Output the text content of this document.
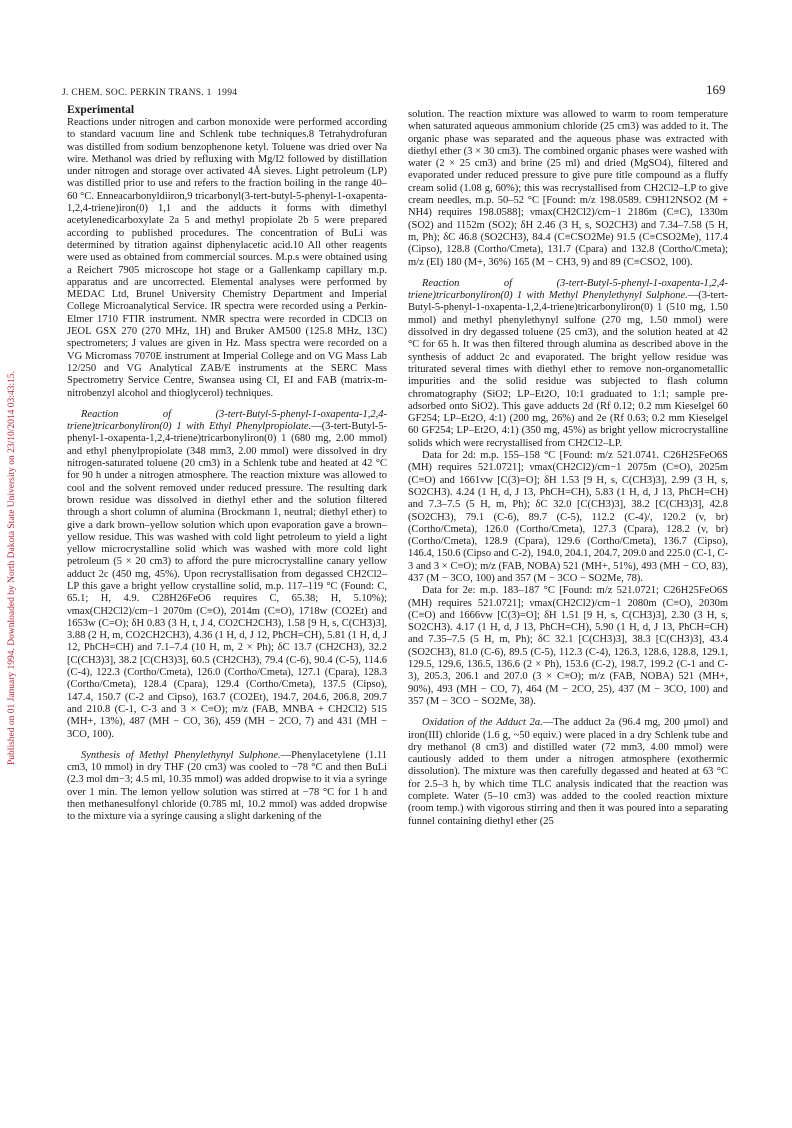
Published on 01 January 1994. Downloaded by North Dakota State University on 23/10/2014 03:43:15.
J. CHEM. SOC. PERKIN TRANS. 1 1994	169
Experimental

Reactions under nitrogen and carbon monoxide were performed according to standard vacuum line and Schlenk tube techniques.8 Tetrahydrofuran was distilled from sodium benzophenone ketyl. Toluene was dried over Na wire. Methanol was dried by refluxing with Mg/I2 followed by distillation under nitrogen and storage over activated 4Å sieves. Light petroleum (LP) was distilled prior to use and refers to the fraction boiling in the range 40–60 °C. Enneacarbonyldiiron,9 tricarbonyl(3-tert-butyl-5-phenyl-1-oxapenta-1,2,4-triene)iron(0) 1,1 and the adducts it forms with dimethyl acetylenedicarboxylate 2a 5 and methyl propiolate 2b 5 were prepared according to published procedures. The concentration of BuLi was determined by titration against diphenylacetic acid.10 All other reagents were used as obtained from commercial sources. M.p.s were obtained using a Reichert 7905 microscope hot stage or a Gallenkamp capillary m.p. apparatus and are uncorrected. Elemental analyses were performed by MEDAC Ltd, Brunel University Chemistry Department and Imperial College Microanalytical Service. IR spectra were recorded using a Perkin-Elmer 1710 FTIR instrument. NMR spectra were recorded in CDCl3 on JEOL GSX 270 (270 MHz, 1H) and Bruker AM500 (125.8 MHz, 13C) spectrometers; J values are given in Hz. Mass spectra were recorded on a VG Micromass 7070E instrument at Imperial College and on VG Mass Lab 12/250 and VG Analytical ZAB/E instruments at the SERC Mass Spectrometry Service Centre, Swansea using CI, EI and FAB (matrix-m-nitrobenzyl alcohol and thioglycerol) techniques.

Reaction of (3-tert-Butyl-5-phenyl-1-oxapenta-1,2,4-triene)tricarbonyliron(0) 1 with Ethyl Phenylpropiolate.—(3-tert-Butyl-5-phenyl-1-oxapenta-1,2,4-triene)tricarbonyliron(0) 1 (680 mg, 2.00 mmol) and ethyl phenylpropiolate (348 mm3, 2.00 mmol) were dissolved in dry nitrogen-saturated toluene (20 cm3) in a Schlenk tube and heated at 42 °C for 90 h under a nitrogen atmosphere. The reaction mixture was allowed to cool and the solvent removed under reduced pressure. The resulting dark brown residue was dissolved in diethyl ether and the solution filtered through a short column of alumina (Brockmann 1, neutral; diethyl ether) to give a dark brown–yellow solution which upon evaporation gave a brown–yellow residue. This was washed with cold light petroleum to yield a light yellow microcrystalline solid which was washed with more cold light petroleum (5 × 20 cm3) to afford the pure microcrystalline canary yellow adduct 2c (450 mg, 45%). Upon recrystallisation from degassed CH2Cl2–LP this gave a bright yellow crystalline solid, m.p. 117–119 °C (Found: C, 65.1; H, 4.9. C28H26FeO6 requires C, 65.38; H, 5.10%); νmax(CH2Cl2)/cm−1 2070m (C≡O), 2014m (C≡O), 1718w (CO2Et) and 1653w (C=O); δH 0.83 (3 H, t, J 4, CO2CH2CH3), 1.58 [9 H, s, C(CH3)3], 3.88 (2 H, m, CO2CH2CH3), 4.36 (1 H, d, J 12, PhCH=CH), 5.81 (1 H, d, J 12, PhCH=CH) and 7.1–7.4 (10 H, m, 2 × Ph); δC 13.7 (CH2CH3), 32.2 [C(CH3)3], 38.2 [C(CH3)3], 60.5 (CH2CH3), 79.4 (C-6), 90.4 (C-5), 114.6 (C-4), 122.3 (Cortho/Cmeta), 126.0 (Cortho/Cmeta), 127.1 (Cpara), 128.3 (Cortho/Cmeta), 128.4 (Cpara), 129.4 (Cortho/Cmeta), 137.5 (Cipso), 147.4, 150.7 (C-2 and Cipso), 163.7 (CO2Et), 194.7, 204.6, 206.8, 209.7 and 210.8 (C-1, C-3 and 3 × C≡O); m/z (FAB, MNBA + CH2Cl2) 515 (MH+, 13%), 487 (MH − CO, 36), 459 (MH − 2CO, 7) and 431 (MH − 3CO, 100).

Synthesis of Methyl Phenylethynyl Sulphone.—Phenylacetylene (1.11 cm3, 10 mmol) in dry THF (20 cm3) was cooled to −78 °C and then BuLi (2.3 mol dm−3; 4.5 ml, 10.35 mmol) was added dropwise to it via a syringe over 1 min. The lemon yellow solution was stirred at −78 °C for 1 h and then methanesulfonyl chloride (0.785 ml, 10.2 mmol) was added dropwise to the mixture via a syringe causing a slight darkening of the

solution. The reaction mixture was allowed to warm to room temperature when saturated aqueous ammonium chloride (25 cm3) was added to it. The organic phase was separated and the aqueous phase was extracted with diethyl ether (3 × 30 cm3). The combined organic phases were washed with water (2 × 25 cm3) and brine (25 ml) and dried (MgSO4), filtered and evaporated under reduced pressure to give pure title compound as a fluffy cream solid (1.08 g, 60%); this was recrystallised from CH2Cl2–LP to give cream needles, m.p. 50–52 °C [Found: m/z 198.0589. C9H12NSO2 (M + NH4) requires 198.0588]; νmax(CH2Cl2)/cm−1 2186m (C≡C), 1330m (SO2) and 1152m (SO2); δH 2.46 (3 H, s, SO2CH3) and 7.34–7.58 (5 H, m, Ph); δC 46.8 (SO2CH3), 84.4 (C≡CSO2Me) 91.5 (C≡CSO2Me), 117.4 (Cipso), 128.8 (Cortho/Cmeta), 131.7 (Cpara) and 132.8 (Cortho/Cmeta); m/z (EI) 180 (M+, 36%) 165 (M − CH3, 9) and 89 (C≡CSO2, 100).

Reaction of (3-tert-Butyl-5-phenyl-1-oxapenta-1,2,4-triene)tricarbonyliron(0) 1 with Methyl Phenylethynyl Sulphone.—(3-tert-Butyl-5-phenyl-1-oxapenta-1,2,4-triene)tricarbonyliron(0) 1 (510 mg, 1.50 mmol) and methyl phenylethynyl sulfone (270 mg, 1.50 mmol) were dissolved in dry degassed toluene (25 cm3), and the solution heated at 42 °C for 65 h. It was then filtered through alumina as described above in the synthesis of adduct 2c and evaporated. The bright yellow residue was triturated several times with diethyl ether to remove non-organometallic impurities and the solid residue was subjected to flash column chromatography (SiO2; LP–Et2O, 10:1 graduated to 1:1; sample pre-adsorbed onto SiO2). This gave adducts 2d (Rf 0.12; 0.2 mm Kieselgel 60 GF254; LP–Et2O, 4:1) (200 mg, 26%) and 2e (Rf 0.63; 0.2 mm Kieselgel 60 GF254; LP–Et2O, 4:1) (350 mg, 45%) as bright yellow microcrystalline solids which were recrystallised from CH2Cl2–LP.

Data for 2d: m.p. 155–158 °C [Found: m/z 521.0741. C26H25FeO6S (MH) requires 521.0721]; νmax(CH2Cl2)/cm−1 2075m (C≡O), 2025m (C≡O) and 1661vw [C(3)=O]; δH 1.53 [9 H, s, C(CH3)3], 2.99 (3 H, s, SO2CH3). 4.24 (1 H, d, J 13, PhCH=CH), 5.83 (1 H, d, J 13, PhCH=CH) and 7.3–7.5 (5 H, m, Ph); δC 32.0 [C(CH3)3], 38.2 [C(CH3)3], 42.8 (SO2CH3), 79.1 (C-6), 89.7 (C-5), 112.2 (C-4)/, 120.2 (v, br) (Cortho/Cmeta), 126.0 (Cortho/Cmeta), 127.3 (Cpara), 128.2 (v, br) (Cortho/Cmeta), 128.9 (Cpara), 129.6 (Cortho/Cmeta), 136.7 (Cipso), 146.4, 150.6 (Cipso and C-2), 194.0, 204.1, 204.7, 209.0 and 225.0 (C-1, C-3 and 3 × C≡O); m/z (FAB, NOBA) 521 (MH+, 51%), 493 (MH − CO, 83), 437 (M − 3CO, 100) and 357 (M − 3CO − SO2Me, 78).

Data for 2e: m.p. 183–187 °C [Found: m/z 521.0721; C26H25FeO6S (MH) requires 521.0721]; νmax(CH2Cl2)/cm−1 2080m (C≡O), 2030m (C≡O) and 1666vw [C(3)=O]; δH 1.51 [9 H, s, C(CH3)3], 2.30 (3 H, s, SO2CH3). 4.17 (1 H, d, J 13, PhCH=CH), 5.90 (1 H, d, J 13, PhCH=CH) and 7.35–7.5 (5 H, m, Ph); δC 32.1 [C(CH3)3], 38.3 [C(CH3)3], 43.4 (SO2CH3), 81.0 (C-6), 89.5 (C-5), 112.3 (C-4), 126.3, 128.6, 128.8, 129.1, 129.5, 129.6, 136.5, 136.6 (2 × Ph), 153.6 (C-2), 198.7, 199.2 (C-1 and C-3), 205.3, 206.1 and 207.0 (3 × C≡O); m/z (FAB, NOBA) 521 (MH+, 90%), 493 (MH − CO, 7), 464 (M − 2CO, 25), 437 (M − 3CO, 100) and 357 (M − 3CO − SO2Me, 38).

Oxidation of the Adduct 2a.—The adduct 2a (96.4 mg, 200 μmol) and iron(III) chloride (1.6 g, ~50 equiv.) were placed in a dry Schlenk tube and dry methanol (8 cm3) and distilled water (72 mm3, 4.00 mmol) were cautiously added to them under a nitrogen atmosphere (exothermic dissolution). The mixture was then carefully degassed and heated at 63 °C for 2.5–3 h, by which time TLC analysis indicated that the reaction was complete. Water (5–10 cm3) was added to the cooled reaction mixture (room temp.) with vigorous stirring and then it was poured into a separating funnel containing diethyl ether (25
